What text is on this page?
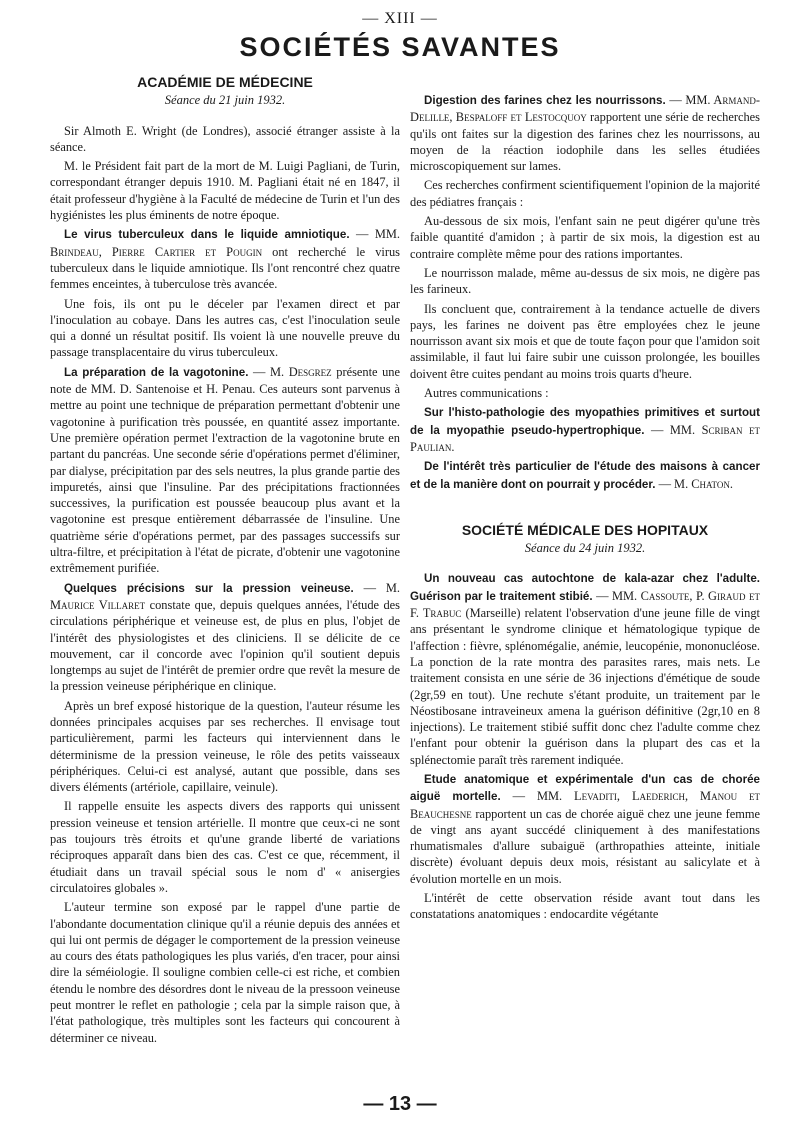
— XIII —
SOCIÉTÉS SAVANTES
ACADÉMIE DE MÉDECINE
Séance du 21 juin 1932.

Sir Almoth E. Wright (de Londres), associé étranger assiste à la séance.

M. le Président fait part de la mort de M. Luigi Pagliani, de Turin, correspondant étranger depuis 1910. M. Pagliani était né en 1847, il était professeur d'hygiène à la Faculté de médecine de Turin et l'un des hygiénistes les plus éminents de notre époque.

Le virus tuberculeux dans le liquide amniotique. — MM. Brindeau, Pierre Cartier et Pougin ont recherché le virus tuberculeux dans le liquide amniotique. Ils l'ont rencontré chez quatre femmes enceintes, à tuberculose très avancée.

Une fois, ils ont pu le déceler par l'examen direct et par l'inoculation au cobaye. Dans les autres cas, c'est l'inoculation seule qui a donné un résultat positif. Ils voient là une nouvelle preuve du passage transplacentaire du virus tuberculeux.

La préparation de la vagotonine. — M. Desgrez présente une note de MM. D. Santenoise et H. Penau. Ces auteurs sont parvenus à mettre au point une technique de préparation permettant d'obtenir une vagotonine à purification très poussée, en quantité assez importante. Une première opération permet l'extraction de la vagotonine brute en partant du pancréas. Une seconde série d'opérations permet d'éliminer, par dialyse, précipitation par des sels neutres, la plus grande partie des impuretés, ainsi que l'insuline. Par des précipitations fractionnées successives, la purification est poussée beaucoup plus avant et la vagotonine est presque entièrement débarrassée de l'insuline. Une quatrième série d'opérations permet, par des passages successifs sur ultra-filtre, et précipitation à l'état de picrate, d'obtenir une vagotonine extrêmement purifiée.

Quelques précisions sur la pression veineuse. — M. Maurice Villaret constate que, depuis quelques années, l'étude des circulations périphérique et veineuse est, de plus en plus, l'objet de l'intérêt des physiologistes et des cliniciens. Il se délicite de ce mouvement, car il concorde avec l'opinion qu'il soutient depuis longtemps au sujet de l'intérêt de premier ordre que revêt la mesure de la pression veineuse périphérique en clinique.

Après un bref exposé historique de la question, l'auteur résume les données principales acquises par ses recherches. Il envisage tout particulièrement, parmi les facteurs qui interviennent dans le déterminisme de la pression veineuse, le rôle des petits vaisseaux périphériques. Celui-ci est analysé, autant que possible, dans ses divers éléments (artériole, capillaire, veinule).

Il rappelle ensuite les aspects divers des rapports qui unissent pression veineuse et tension artérielle. Il montre que ceux-ci ne sont pas toujours très étroits et qu'une grande liberté de variations réciproques apparaît dans bien des cas. C'est ce que, récemment, il étudiait dans un travail spécial sous le nom d' « anisergies circulatoires globales ».

L'auteur termine son exposé par le rappel d'une partie de l'abondante documentation clinique qu'il a réunie depuis des années et qui lui ont permis de dégager le comportement de la pression veineuse au cours des états pathologiques les plus variés, d'en tracer, pour ainsi dire la séméiologie. Il souligne combien celle-ci est riche, et combien étendu le nombre des désordres dont le niveau de la pressoon veineuse peut montrer le reflet en pathologie ; cela par la simple raison que, à l'état pathologique, très multiples sont les facteurs qui concourent à déterminer ce niveau.

Digestion des farines chez les nourrissons. — MM. Armand-Delille, Bespaloff et Lestocquoy rapportent une série de recherches qu'ils ont faites sur la digestion des farines chez les nourrissons, au moyen de la réaction iodophile dans les selles étudiées microscopiquement sur lames.

Ces recherches confirment scientifiquement l'opinion de la majorité des pédiatres français :

Au-dessous de six mois, l'enfant sain ne peut digérer qu'une très faible quantité d'amidon ; à partir de six mois, la digestion est au contraire complète même pour des rations importantes.

Le nourrisson malade, même au-dessus de six mois, ne digère pas les farineux.

Ils concluent que, contrairement à la tendance actuelle de divers pays, les farines ne doivent pas être employées chez le jeune nourrisson avant six mois et que de toute façon pour que l'amidon soit assimilable, il faut lui faire subir une cuisson prolongée, les bouilles doivent être cuites pendant au moins trois quarts d'heure.

Autres communications :

Sur l'histo-pathologie des myopathies primitives et surtout de la myopathie pseudo-hypertrophique. — MM. Scriban et Paulian.

De l'intérêt très particulier de l'étude des maisons à cancer et de la manière dont on pourrait y procéder. — M. Chaton.

SOCIÉTÉ MÉDICALE DES HOPITAUX
Séance du 24 juin 1932.

Un nouveau cas autochtone de kala-azar chez l'adulte. Guérison par le traitement stibié. — MM. Cassoute, P. Giraud et F. Trabuc (Marseille) relatent l'observation d'une jeune fille de vingt ans présentant le syndrome clinique et hématologique typique de l'affection : fièvre, splénomégalie, anémie, leucopénie, mononucléose. La ponction de la rate montra des parasites rares, mais nets. Le traitement consista en une série de 36 injections d'émétique de soude (2gr,59 en tout). Une rechute s'étant produite, un traitement par le Néostibosane intraveineux amena la guérison définitive (2gr,10 en 8 injections). Le traitement stibié suffit donc chez l'adulte comme chez l'enfant pour obtenir la guérison dans la plupart des cas et la splénectomie paraît très rarement indiquée.

Etude anatomique et expérimentale d'un cas de chorée aiguë mortelle. — MM. Levaditi, Laederich, Manou et Beauchesne rapportent un cas de chorée aiguë chez une jeune femme de vingt ans ayant succédé cliniquement à des manifestations rhumatismales d'allure subaiguë (arthropathies atteinte, initiale discrète) évoluant depuis deux mois, résistant au salicylate et à évolution mortelle en un mois.

L'intérêt de cette observation réside avant tout dans les constatations anatomiques : endocardite végétante

— 13 —
